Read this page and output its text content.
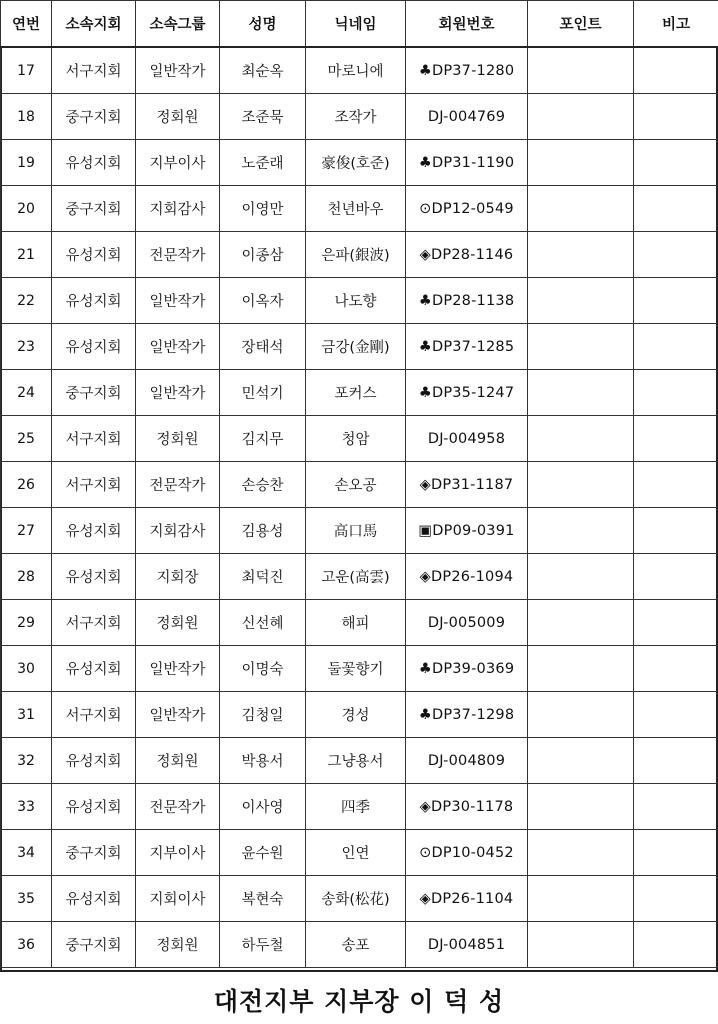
연번	소속지회	소속그룹	성명	닉네임	회원번호	포인트	비고
17	서구지회	일반작가	최순옥	마로니에	♣DP37-1280		
18	중구지회	정회원	조준묵	조작가	DJ-004769		
19	유성지회	지부이사	노준래	豪俊(호준)	♣DP31-1190		
20	중구지회	지회감사	이영만	천년바우	⊙DP12-0549		
21	유성지회	전문작가	이종삼	은파(銀波)	◈DP28-1146		
22	유성지회	일반작가	이옥자	나도향	♣DP28-1138		
23	유성지회	일반작가	장태석	금강(金剛)	♣DP37-1285		
24	중구지회	일반작가	민석기	포커스	♣DP35-1247		
25	서구지회	정회원	김지무	청암	DJ-004958		
26	서구지회	전문작가	손승찬	손오공	◈DP31-1187		
27	유성지회	지회감사	김용성	高口馬	▣DP09-0391		
28	유성지회	지회장	최덕진	고운(高雲)	◈DP26-1094		
29	서구지회	정회원	신선혜	해피	DJ-005009		
30	유성지회	일반작가	이명숙	둘꽃향기	♣DP39-0369		
31	서구지회	일반작가	김청일	경성	♣DP37-1298		
32	유성지회	정회원	박용서	그냥용서	DJ-004809		
33	유성지회	전문작가	이사영	四季	◈DP30-1178		
34	중구지회	지부이사	윤수원	인연	⊙DP10-0452		
35	유성지회	지회이사	복현숙	송화(松花)	◈DP26-1104		
36	중구지회	정회원	하두철	송포	DJ-004851		
대전지부 지부장 이 덕 성
